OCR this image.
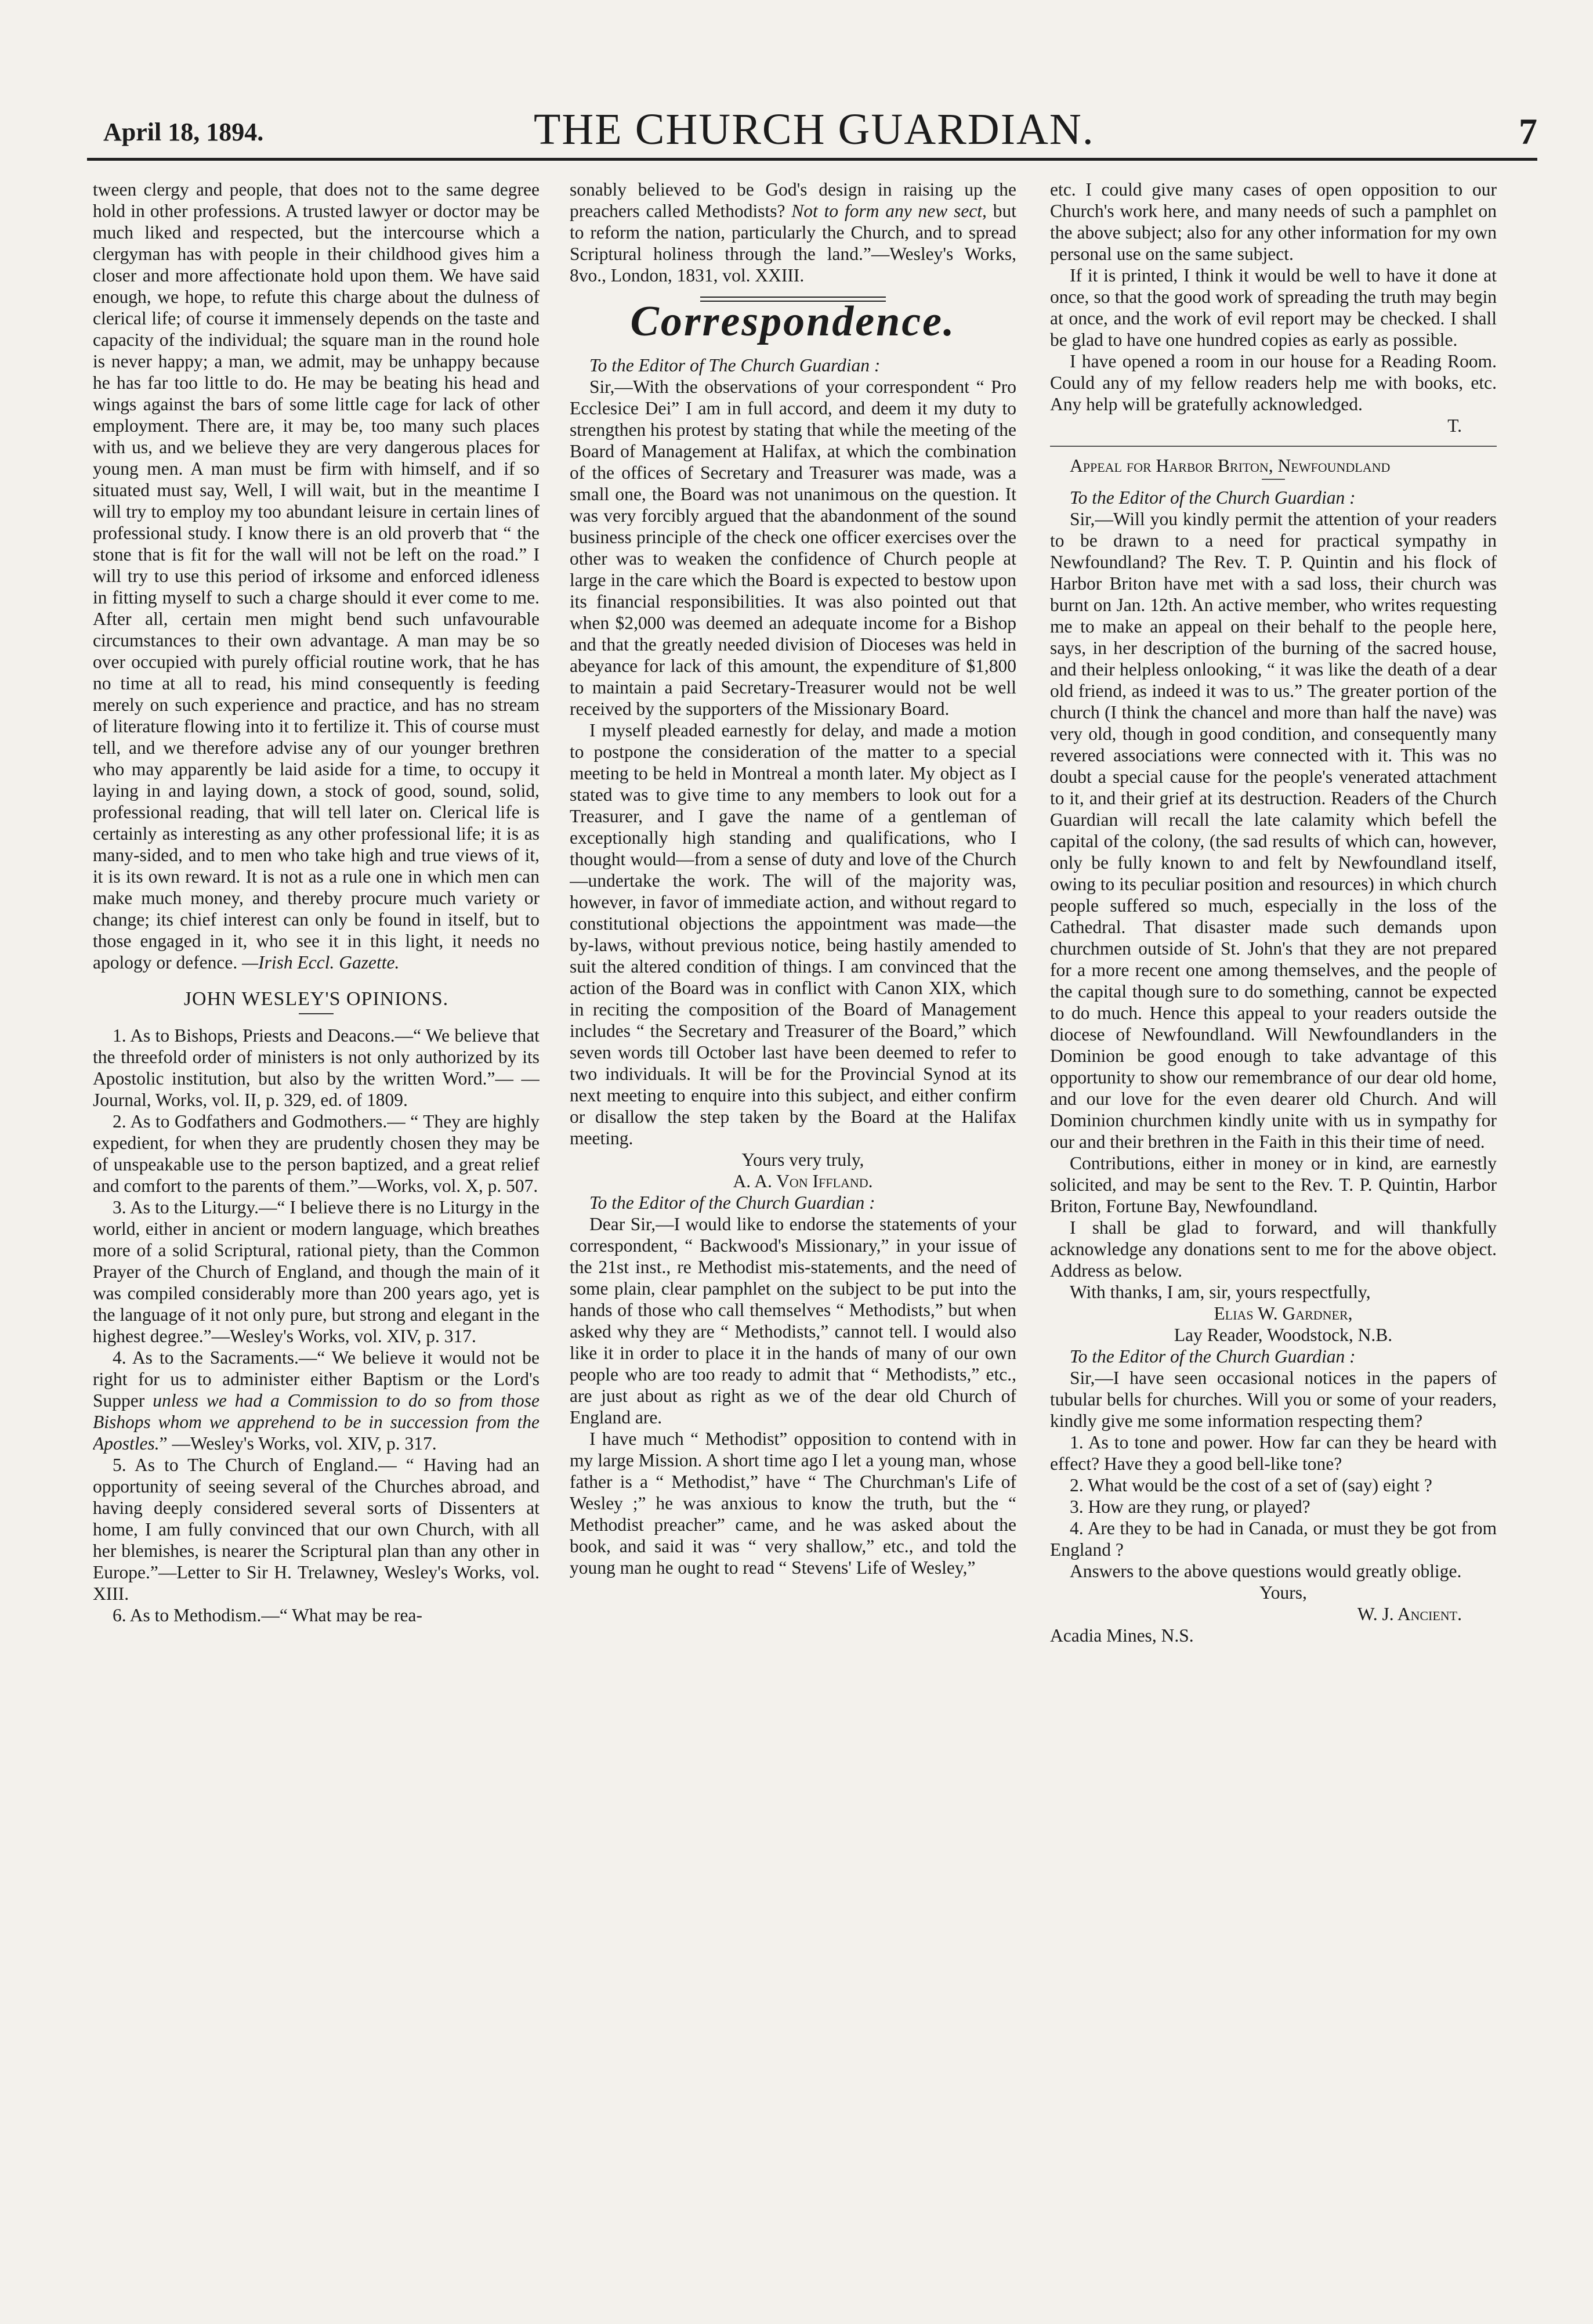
April 18, 1894.	THE CHURCH GUARDIAN.	7

tween clergy and people, that does not to the same degree hold in other professions. A trusted lawyer or doctor may be much liked and respected, but the intercourse which a clergyman has with people in their childhood gives him a closer and more affectionate hold upon them. We have said enough, we hope, to refute this charge about the dulness of clerical life; of course it immensely depends on the taste and capacity of the individual; the square man in the round hole is never happy; a man, we admit, may be unhappy because he has far too little to do. He may be beating his head and wings against the bars of some little cage for lack of other employment. There are, it may be, too many such places with us, and we believe they are very dangerous places for young men. A man must be firm with himself, and if so situated must say, Well, I will wait, but in the meantime I will try to employ my too abundant leisure in certain lines of professional study. I know there is an old proverb that “ the stone that is fit for the wall will not be left on the road.” I will try to use this period of irksome and enforced idleness in fitting myself to such a charge should it ever come to me. After all, certain men might bend such unfavourable circumstances to their own advantage. A man may be so over occupied with purely official routine work, that he has no time at all to read, his mind consequently is feeding merely on such experience and practice, and has no stream of literature flowing into it to fertilize it. This of course must tell, and we therefore advise any of our younger brethren who may apparently be laid aside for a time, to occupy it laying in and laying down, a stock of good, sound, solid, professional reading, that will tell later on. Clerical life is certainly as interesting as any other professional life; it is as many-sided, and to men who take high and true views of it, it is its own reward. It is not as a rule one in which men can make much money, and thereby procure much variety or change; its chief interest can only be found in itself, but to those engaged in it, who see it in this light, it needs no apology or defence. —Irish Eccl. Gazette.

JOHN WESLEY'S OPINIONS.

1. As to Bishops, Priests and Deacons.—“ We believe that the threefold order of ministers is not only authorized by its Apostolic institution, but also by the written Word.”— —Journal, Works, vol. II, p. 329, ed. of 1809.

2. As to Godfathers and Godmothers.— “ They are highly expedient, for when they are prudently chosen they may be of unspeakable use to the person baptized, and a great relief and comfort to the parents of them.”—Works, vol. X, p. 507.

3. As to the Liturgy.—“ I believe there is no Liturgy in the world, either in ancient or modern language, which breathes more of a solid Scriptural, rational piety, than the Common Prayer of the Church of England, and though the main of it was compiled considerably more than 200 years ago, yet is the language of it not only pure, but strong and elegant in the highest degree.”—Wesley's Works, vol. XIV, p. 317.

4. As to the Sacraments.—“ We believe it would not be right for us to administer either Baptism or the Lord's Supper unless we had a Commission to do so from those Bishops whom we apprehend to be in succession from the Apostles.” —Wesley's Works, vol. XIV, p. 317.

5. As to The Church of England.— “ Having had an opportunity of seeing several of the Churches abroad, and having deeply considered several sorts of Dissenters at home, I am fully convinced that our own Church, with all her blemishes, is nearer the Scriptural plan than any other in Europe.”—Letter to Sir H. Trelawney, Wesley's Works, vol. XIII.

6. As to Methodism.—“ What may be rea-

sonably believed to be God's design in raising up the preachers called Methodists? Not to form any new sect, but to reform the nation, particularly the Church, and to spread Scriptural holiness through the land.”—Wesley's Works, 8vo., London, 1831, vol. XXIII.

Correspondence.

To the Editor of The Church Guardian :

Sir,—With the observations of your correspondent “ Pro Ecclesice Dei” I am in full accord, and deem it my duty to strengthen his protest by stating that while the meeting of the Board of Management at Halifax, at which the combination of the offices of Secretary and Treasurer was made, was a small one, the Board was not unanimous on the question. It was very forcibly argued that the abandonment of the sound business principle of the check one officer exercises over the other was to weaken the confidence of Church people at large in the care which the Board is expected to bestow upon its financial responsibilities. It was also pointed out that when $2,000 was deemed an adequate income for a Bishop and that the greatly needed division of Dioceses was held in abeyance for lack of this amount, the expenditure of $1,800 to maintain a paid Secretary-Treasurer would not be well received by the supporters of the Missionary Board.

I myself pleaded earnestly for delay, and made a motion to postpone the consideration of the matter to a special meeting to be held in Montreal a month later. My object as I stated was to give time to any members to look out for a Treasurer, and I gave the name of a gentleman of exceptionally high standing and qualifications, who I thought would—from a sense of duty and love of the Church—undertake the work. The will of the majority was, however, in favor of immediate action, and without regard to constitutional objections the appointment was made—the by-laws, without previous notice, being hastily amended to suit the altered condition of things. I am convinced that the action of the Board was in conflict with Canon XIX, which in reciting the composition of the Board of Management includes “ the Secretary and Treasurer of the Board,” which seven words till October last have been deemed to refer to two individuals. It will be for the Provincial Synod at its next meeting to enquire into this subject, and either confirm or disallow the step taken by the Board at the Halifax meeting.

Yours very truly,

A. A. Von Iffland.

To the Editor of the Church Guardian :

Dear Sir,—I would like to endorse the statements of your correspondent, “ Backwood's Missionary,” in your issue of the 21st inst., re Methodist mis-statements, and the need of some plain, clear pamphlet on the subject to be put into the hands of those who call themselves “ Methodists,” but when asked why they are “ Methodists,” cannot tell. I would also like it in order to place it in the hands of many of our own people who are too ready to admit that “ Methodists,” etc., are just about as right as we of the dear old Church of England are.

I have much “ Methodist” opposition to contend with in my large Mission. A short time ago I let a young man, whose father is a “ Methodist,” have “ The Churchman's Life of Wesley ;” he was anxious to know the truth, but the “ Methodist preacher” came, and he was asked about the book, and said it was “ very shallow,” etc., and told the young man he ought to read “ Stevens' Life of Wesley,”

etc. I could give many cases of open opposition to our Church's work here, and many needs of such a pamphlet on the above subject; also for any other information for my own personal use on the same subject.

If it is printed, I think it would be well to have it done at once, so that the good work of spreading the truth may begin at once, and the work of evil report may be checked. I shall be glad to have one hundred copies as early as possible.

I have opened a room in our house for a Reading Room. Could any of my fellow readers help me with books, etc. Any help will be gratefully acknowledged.

T.

Appeal for Harbor Briton, Newfoundland

To the Editor of the Church Guardian :

Sir,—Will you kindly permit the attention of your readers to be drawn to a need for practical sympathy in Newfoundland? The Rev. T. P. Quintin and his flock of Harbor Briton have met with a sad loss, their church was burnt on Jan. 12th. An active member, who writes requesting me to make an appeal on their behalf to the people here, says, in her description of the burning of the sacred house, and their helpless onlooking, “ it was like the death of a dear old friend, as indeed it was to us.” The greater portion of the church (I think the chancel and more than half the nave) was very old, though in good condition, and consequently many revered associations were connected with it. This was no doubt a special cause for the people's venerated attachment to it, and their grief at its destruction. Readers of the Church Guardian will recall the late calamity which befell the capital of the colony, (the sad results of which can, however, only be fully known to and felt by Newfoundland itself, owing to its peculiar position and resources) in which church people suffered so much, especially in the loss of the Cathedral. That disaster made such demands upon churchmen outside of St. John's that they are not prepared for a more recent one among themselves, and the people of the capital though sure to do something, cannot be expected to do much. Hence this appeal to your readers outside the diocese of Newfoundland. Will Newfoundlanders in the Dominion be good enough to take advantage of this opportunity to show our remembrance of our dear old home, and our love for the even dearer old Church. And will Dominion churchmen kindly unite with us in sympathy for our and their brethren in the Faith in this their time of need.

Contributions, either in money or in kind, are earnestly solicited, and may be sent to the Rev. T. P. Quintin, Harbor Briton, Fortune Bay, Newfoundland.

I shall be glad to forward, and will thankfully acknowledge any donations sent to me for the above object. Address as below.

With thanks, I am, sir, yours respectfully,

Elias W. Gardner,

Lay Reader, Woodstock, N.B.

To the Editor of the Church Guardian :

Sir,—I have seen occasional notices in the papers of tubular bells for churches. Will you or some of your readers, kindly give me some information respecting them?

1. As to tone and power. How far can they be heard with effect? Have they a good bell-like tone?

2. What would be the cost of a set of (say) eight ?

3. How are they rung, or played?

4. Are they to be had in Canada, or must they be got from England ?

Answers to the above questions would greatly oblige.

Yours,

W. J. Ancient.

Acadia Mines, N.S.
